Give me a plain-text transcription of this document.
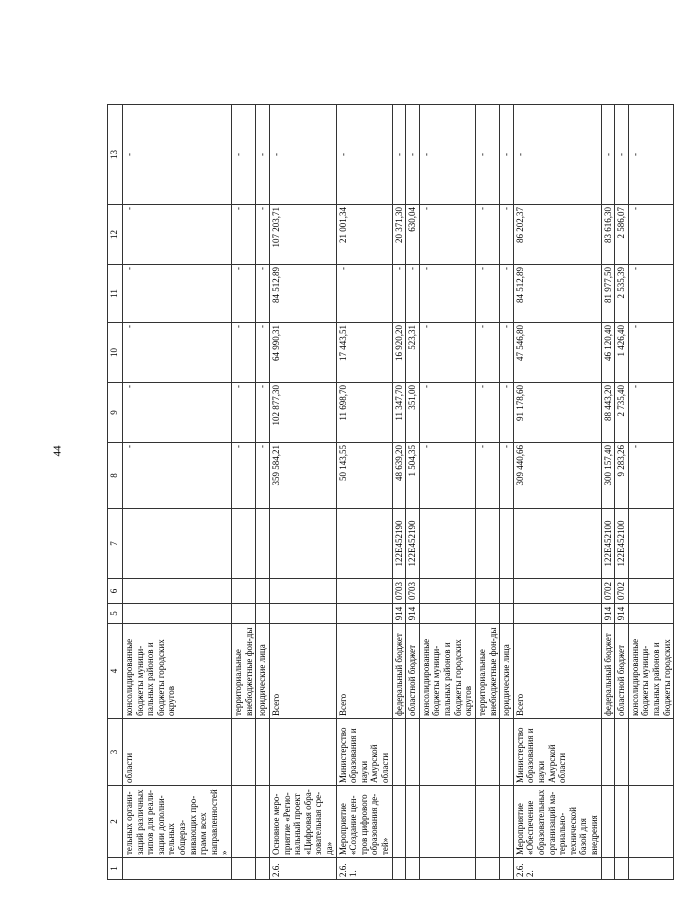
44
1	2	3	4	5	6	7	8	9	10	11	12	13
	тельных органи-заций различных типов для реали-зации дополни-тельных общераз-вивающих про-грамм всех направленностей»	области	консолидированные бюджеты муници-пальных районов и бюджеты городских округов				-	-	-	-	-	-
			территориальные внебюджетные фон-ды				-	-	-	-	-	-
			юридические лица				-	-	-	-	-	-
2.6.	Основное меро-приятие «Регио-нальный проект «Цифровая обра-зовательная сре-да»		Всего				359 584,21	102 877,30	64 990,31	84 512,89	107 203,71	-
2.6.1.	Мероприятие «Создание цен-тров цифрового образования де-тей»	Министерство образования и науки Амурской области	Всего				50 143,55	11 698,70	17 443,51	-	21 001,34	-
			федеральный бюджет	914	0703	122E452190	48 639,20	11 347,70	16 920,20	-	20 371,30	-
			областной бюджет	914	0703	122E452190	1 504,35	351,00	523,31	-	630,04	-
			консолидированные бюджеты муници-пальных районов и бюджеты городских округов				-	-	-	-	-	-
			территориальные внебюджетные фон-ды				-	-	-	-	-	-
			юридические лица				-	-	-	-	-	-
2.6.2.	Мероприятие «Обеспечение образовательных организаций ма-териально-технической базой для внедрения	Министерство образования и науки Амурской области	Всего				309 440,66	91 178,60	47 546,80	84 512,89	86 202,37	-
			федеральный бюджет	914	0702	122E452100	300 157,40	88 443,20	46 120,40	81 977,50	83 616,30	-
			областной бюджет	914	0702	122E452100	9 283,26	2 735,40	1 426,40	2 535,39	2 586,07	-
			консолидированные бюджеты муници-пальных районов и бюджеты городских				-	-	-	-	-	-
